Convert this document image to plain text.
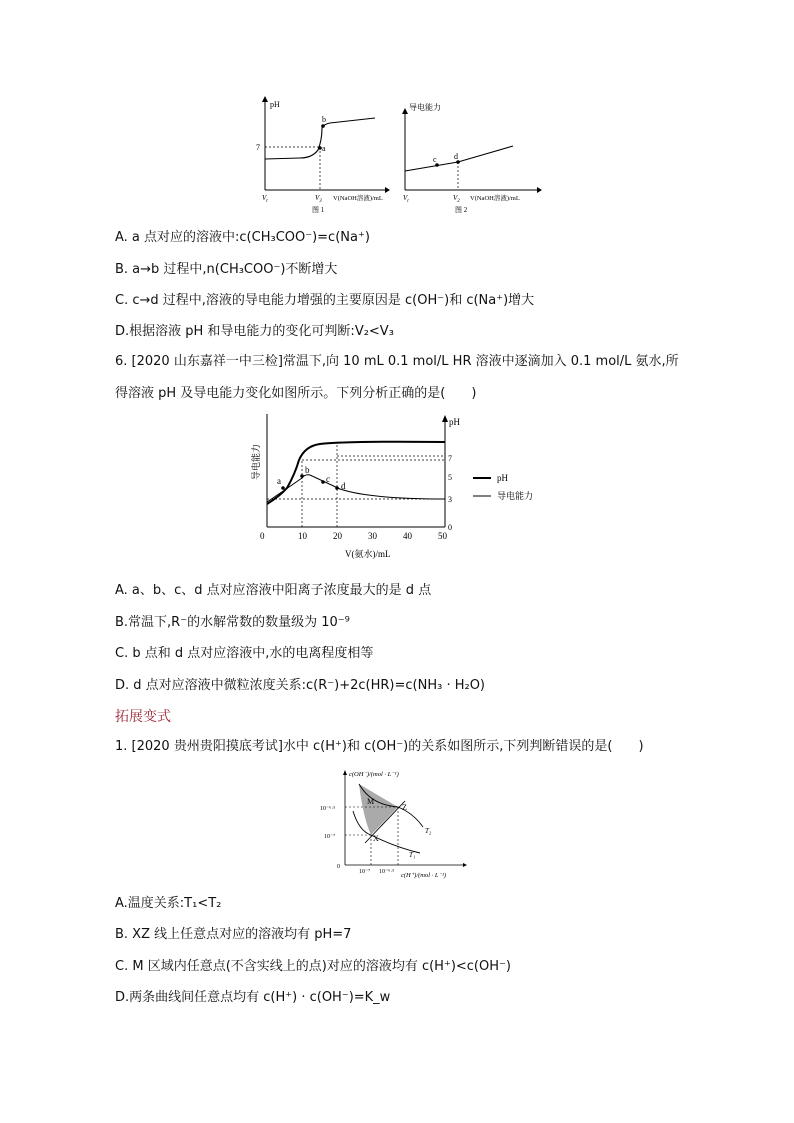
pH
7	a
b
$V_t$	$V_3$ V(NaOH溶液)/mL
图 1
导电能力
c d
$V_t$	$V_2$ V(NaOH溶液)/mL
图 2
A. a 点对应的溶液中:c(CH₃COO⁻)=c(Na⁺)
B. a→b 过程中,n(CH₃COO⁻)不断增大
C. c→d 过程中,溶液的导电能力增强的主要原因是 c(OH⁻)和 c(Na⁺)增大
D.根据溶液 pH 和导电能力的变化可判断:V₂<V₃
6. [2020 山东嘉祥一中三检]常温下,向 10 mL 0.1 mol/L HR 溶液中逐滴加入 0.1 mol/L 氨水,所得溶液 pH 及导电能力变化如图所示。下列分析正确的是(　　)
pH
导电能力
a
b
c
d
7
5
3
0
0	10	20	30	40	50
V(氨水)/mL
pH
导电能力
A. a、b、c、d 点对应溶液中阳离子浓度最大的是 d 点
B.常温下,R⁻的水解常数的数量级为 10⁻⁹
C. b 点和 d 点对应溶液中,水的电离程度相等
D. d 点对应溶液中微粒浓度关系:c(R⁻)+2c(HR)=c(NH₃ · H₂O)
拓展变式
1. [2020 贵州贵阳摸底考试]水中 c(H⁺)和 c(OH⁻)的关系如图所示,下列判断错误的是(　　)
c(OH⁻)/(mol · L⁻¹)
M
Z
X
T₂
T₁
10⁻⁶·⁵
10⁻⁷
0
10⁻⁷ 10⁻⁶·⁵ c(H⁺)/(mol · L⁻¹)
A.温度关系:T₁<T₂
B. XZ 线上任意点对应的溶液均有 pH=7
C. M 区域内任意点(不含实线上的点)对应的溶液均有 c(H⁺)<c(OH⁻)
D.两条曲线间任意点均有 c(H⁺) · c(OH⁻)=K_w
